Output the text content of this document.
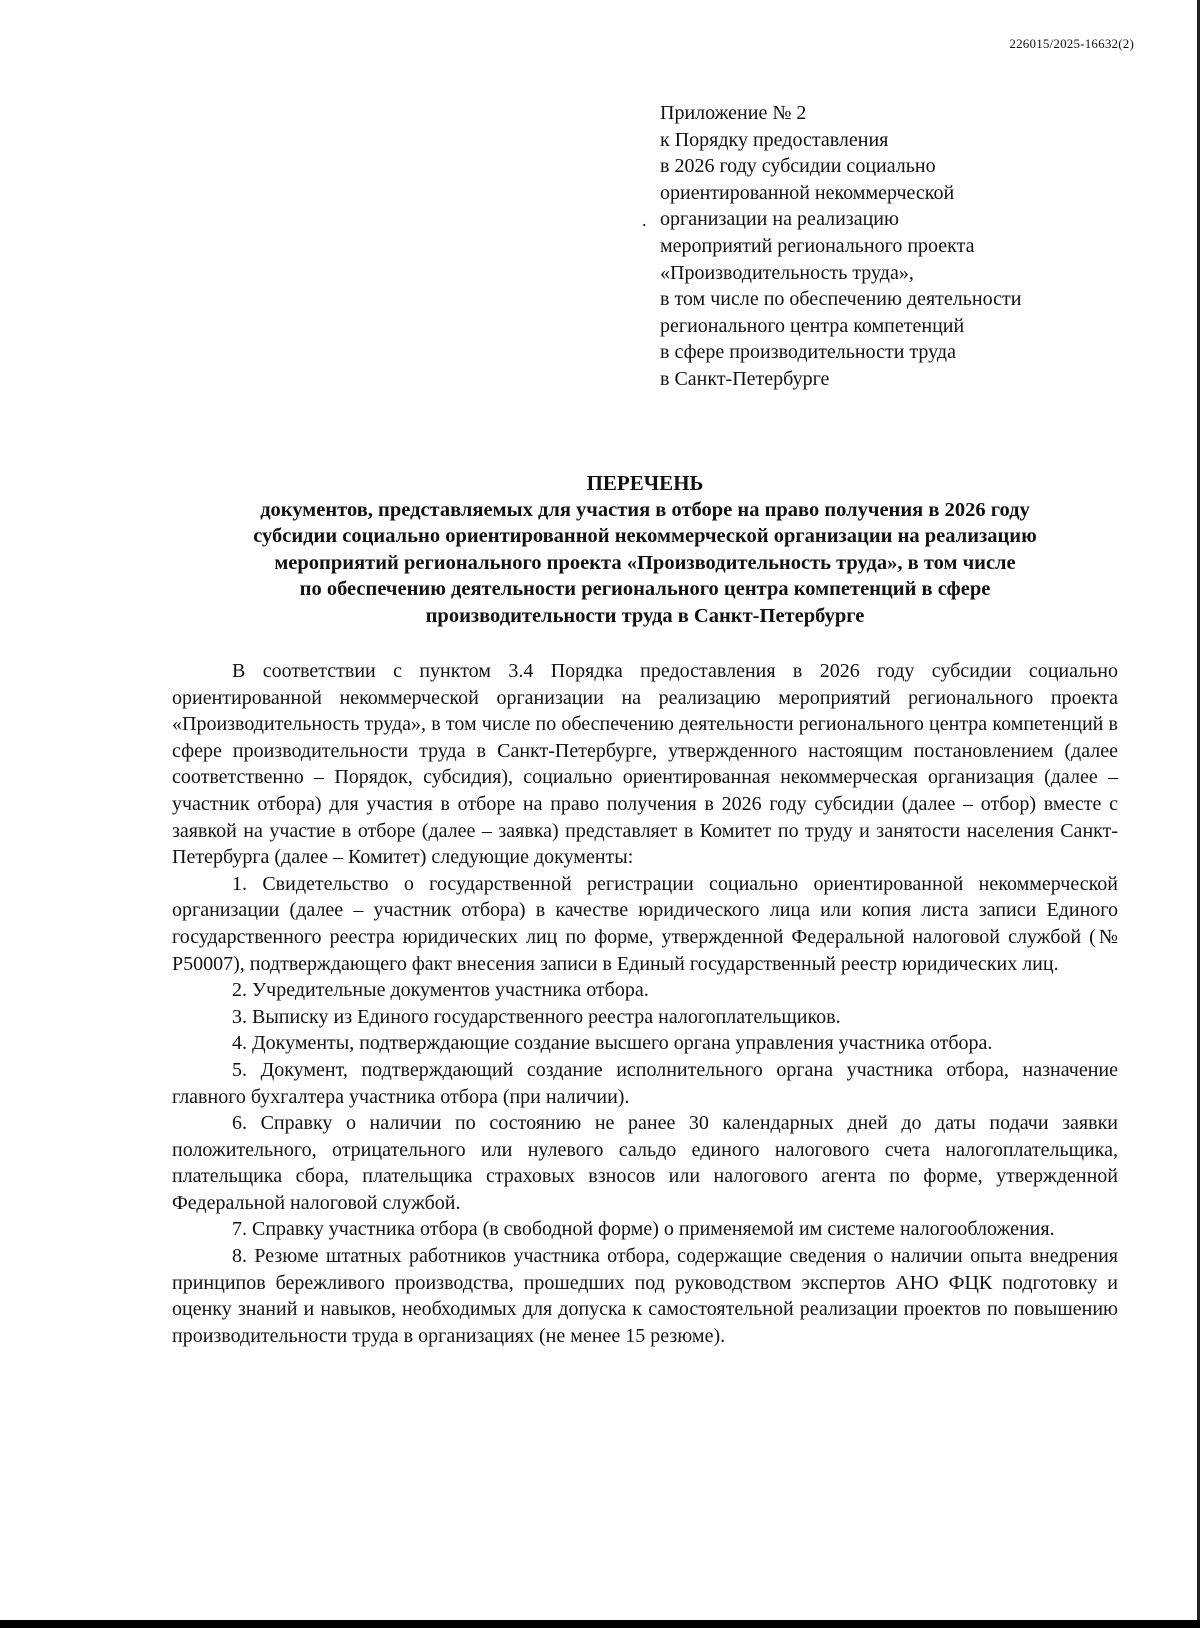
226015/2025-16632(2)
.
Приложение № 2
к Порядку предоставления
в 2026 году субсидии социально
ориентированной некоммерческой
организации на реализацию
мероприятий регионального проекта
«Производительность труда»,
в том числе по обеспечению деятельности
регионального центра компетенций
в сфере производительности труда
в Санкт-Петербурге
ПЕРЕЧЕНЬ
документов, представляемых для участия в отборе на право получения в 2026 году
субсидии социально ориентированной некоммерческой организации на реализацию
мероприятий регионального проекта «Производительность труда», в том числе
по обеспечению деятельности регионального центра компетенций в сфере
производительности труда в Санкт-Петербурге

В соответствии с пунктом 3.4 Порядка предоставления в 2026 году субсидии социально ориентированной некоммерческой организации на реализацию мероприятий регионального проекта «Производительность труда», в том числе по обеспечению деятельности регионального центра компетенций в сфере производительности труда в Санкт-Петербурге, утвержденного настоящим постановлением (далее соответственно – Порядок, субсидия), социально ориентированная некоммерческая организация (далее – участник отбора) для участия в отборе на право получения в 2026 году субсидии (далее – отбор) вместе с заявкой на участие в отборе (далее – заявка) представляет в Комитет по труду и занятости населения Санкт-Петербурга (далее – Комитет) следующие документы:

1. Свидетельство о государственной регистрации социально ориентированной некоммерческой организации (далее – участник отбора) в качестве юридического лица или копия листа записи Единого государственного реестра юридических лиц по форме, утвержденной Федеральной налоговой службой (№ Р50007), подтверждающего факт внесения записи в Единый государственный реестр юридических лиц.

2. Учредительные документов участника отбора.

3. Выписку из Единого государственного реестра налогоплательщиков.

4. Документы, подтверждающие создание высшего органа управления участника отбора.

5. Документ, подтверждающий создание исполнительного органа участника отбора, назначение главного бухгалтера участника отбора (при наличии).

6. Справку о наличии по состоянию не ранее 30 календарных дней до даты подачи заявки положительного, отрицательного или нулевого сальдо единого налогового счета налогоплательщика, плательщика сбора, плательщика страховых взносов или налогового агента по форме, утвержденной Федеральной налоговой службой.

7. Справку участника отбора (в свободной форме) о применяемой им системе налогообложения.

8. Резюме штатных работников участника отбора, содержащие сведения о наличии опыта внедрения принципов бережливого производства, прошедших под руководством экспертов АНО ФЦК подготовку и оценку знаний и навыков, необходимых для допуска к самостоятельной реализации проектов по повышению производительности труда в организациях (не менее 15 резюме).
